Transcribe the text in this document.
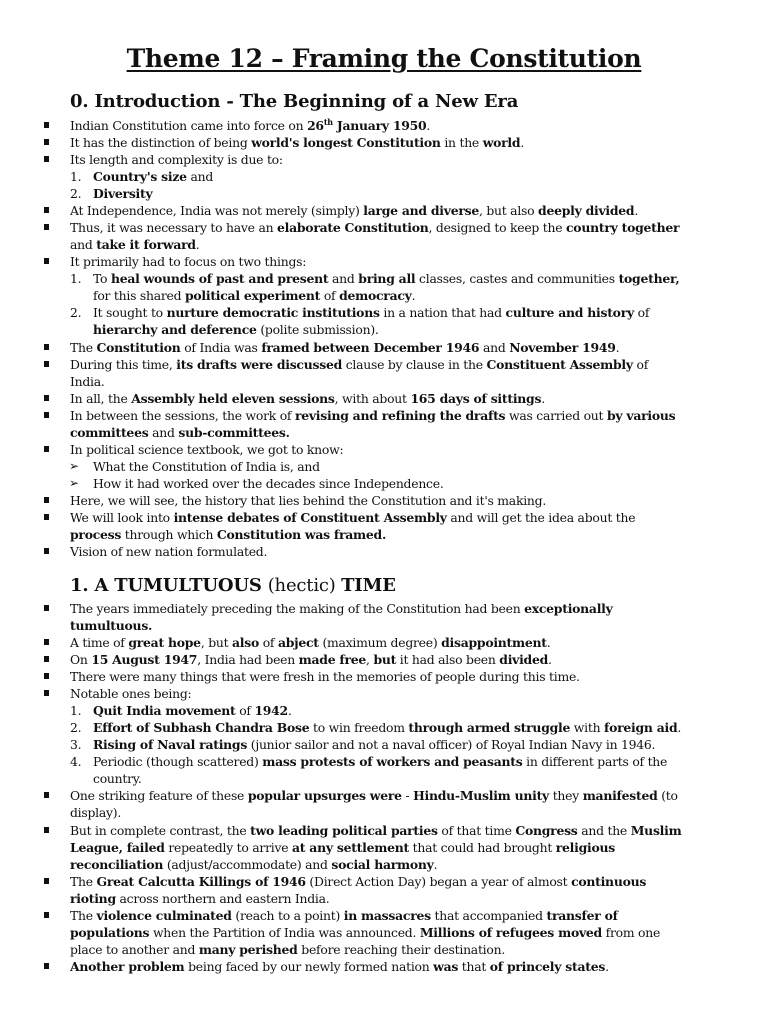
Theme 12 – Framing the Constitution
0. Introduction - The Beginning of a New Era
Indian Constitution came into force on 26th January 1950.
It has the distinction of being world's longest Constitution in the world.
Its length and complexity is due to:
1. Country's size and
2. Diversity
At Independence, India was not merely (simply) large and diverse, but also deeply divided.
Thus, it was necessary to have an elaborate Constitution, designed to keep the country together
and take it forward.
It primarily had to focus on two things:
1. To heal wounds of past and present and bring all classes, castes and communities together,
for this shared political experiment of democracy.
2. It sought to nurture democratic institutions in a nation that had culture and history of
hierarchy and deference (polite submission).
The Constitution of India was framed between December 1946 and November 1949.
During this time, its drafts were discussed clause by clause in the Constituent Assembly of
India.
In all, the Assembly held eleven sessions, with about 165 days of sittings.
In between the sessions, the work of revising and refining the drafts was carried out by various
committees and sub-committees.
In political science textbook, we got to know:
➢ What the Constitution of India is, and
➢ How it had worked over the decades since Independence.
Here, we will see, the history that lies behind the Constitution and it's making.
We will look into intense debates of Constituent Assembly and will get the idea about the
process through which Constitution was framed.
Vision of new nation formulated.
1. A TUMULTUOUS (hectic) TIME
The years immediately preceding the making of the Constitution had been exceptionally
tumultuous.
A time of great hope, but also of abject (maximum degree) disappointment.
On 15 August 1947, India had been made free, but it had also been divided.
There were many things that were fresh in the memories of people during this time.
Notable ones being:
1. Quit India movement of 1942.
2. Effort of Subhash Chandra Bose to win freedom through armed struggle with foreign aid.
3. Rising of Naval ratings (junior sailor and not a naval officer) of Royal Indian Navy in 1946.
4. Periodic (though scattered) mass protests of workers and peasants in different parts of the
country.
One striking feature of these popular upsurges were - Hindu-Muslim unity they manifested (to
display).
But in complete contrast, the two leading political parties of that time Congress and the Muslim
League, failed repeatedly to arrive at any settlement that could had brought religious
reconciliation (adjust/accommodate) and social harmony.
The Great Calcutta Killings of 1946 (Direct Action Day) began a year of almost continuous
rioting across northern and eastern India.
The violence culminated (reach to a point) in massacres that accompanied transfer of
populations when the Partition of India was announced. Millions of refugees moved from one
place to another and many perished before reaching their destination.
Another problem being faced by our newly formed nation was that of princely states.
